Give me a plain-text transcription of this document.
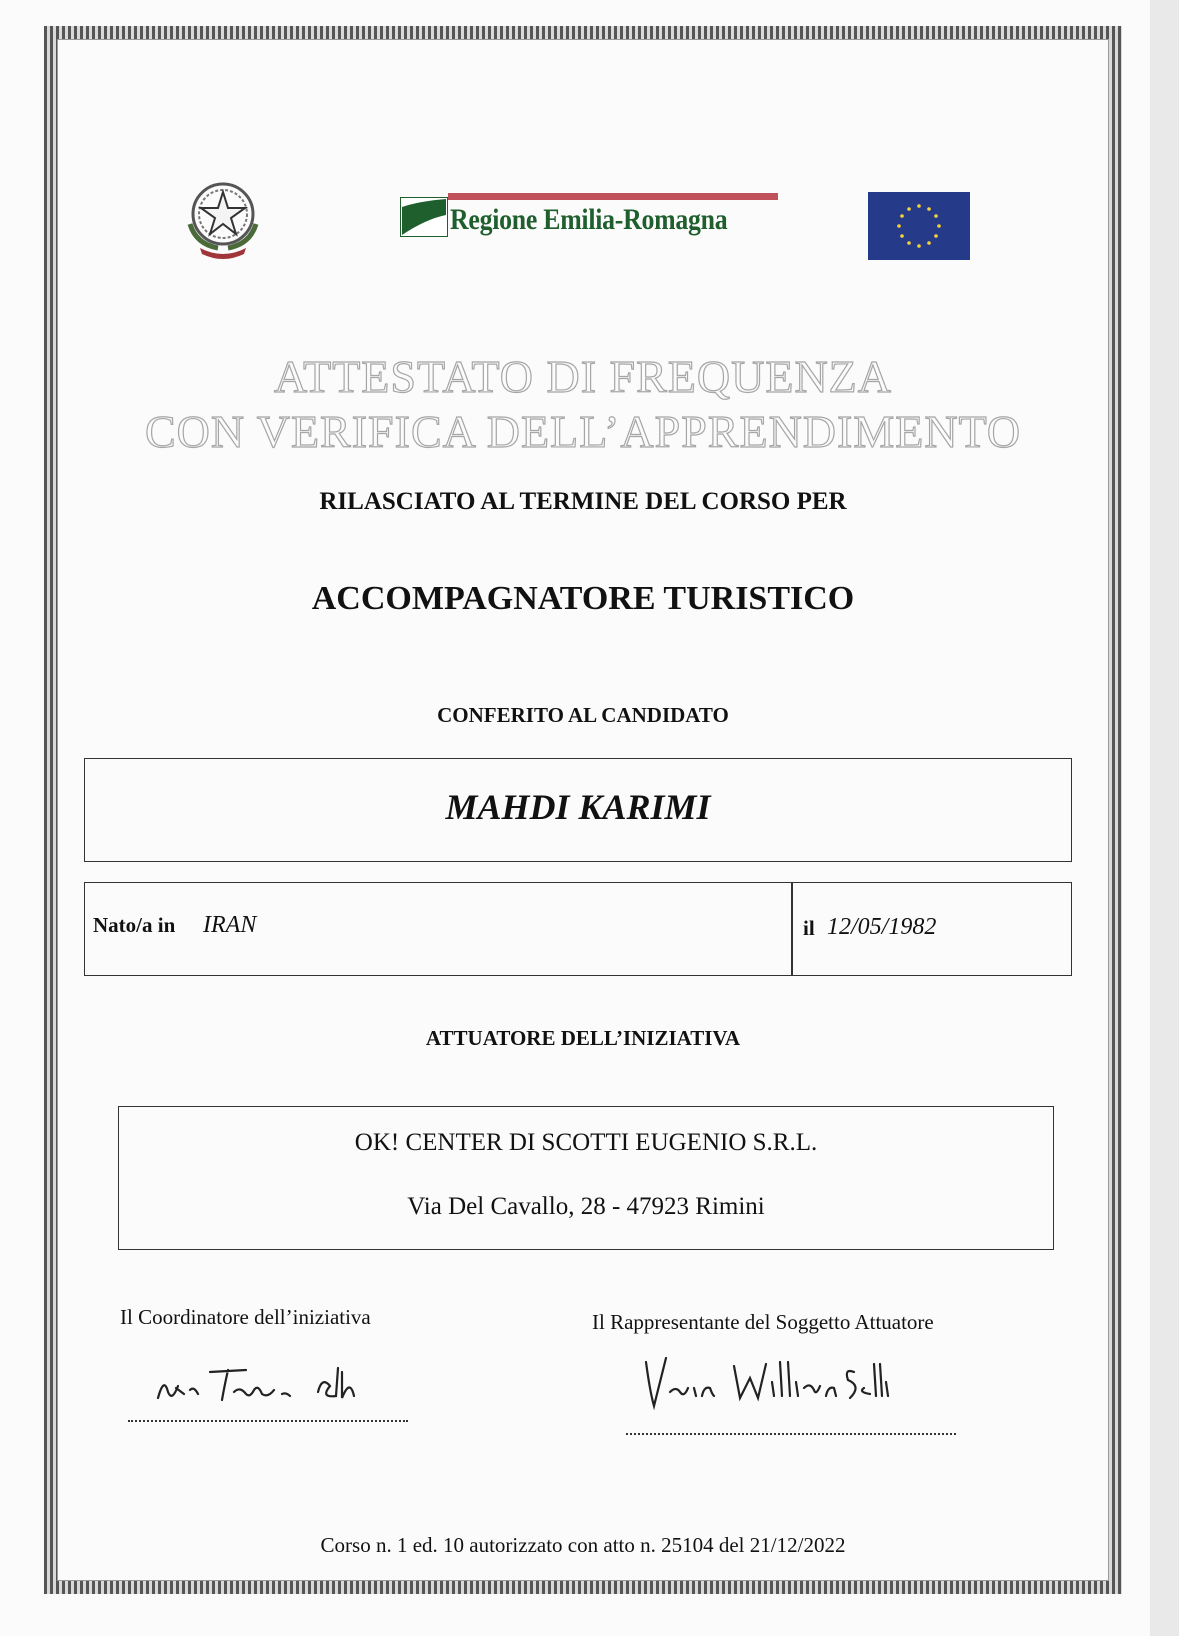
Regione Emilia-Romagna
ATTESTATO DI FREQUENZA
CON VERIFICA DELL’APPRENDIMENTO
RILASCIATO AL TERMINE DEL CORSO PER
ACCOMPAGNATORE TURISTICO
CONFERITO AL CANDIDATO
MAHDI KARIMI
Nato/a in IRAN	il 12/05/1982
ATTUATORE DELL’INIZIATIVA
OK! CENTER DI SCOTTI EUGENIO S.R.L.
Via Del Cavallo, 28 - 47923 Rimini
Il Coordinatore dell’iniziativa	Il Rappresentante del Soggetto Attuatore
Corso n. 1 ed. 10 autorizzato con atto n. 25104 del 21/12/2022
